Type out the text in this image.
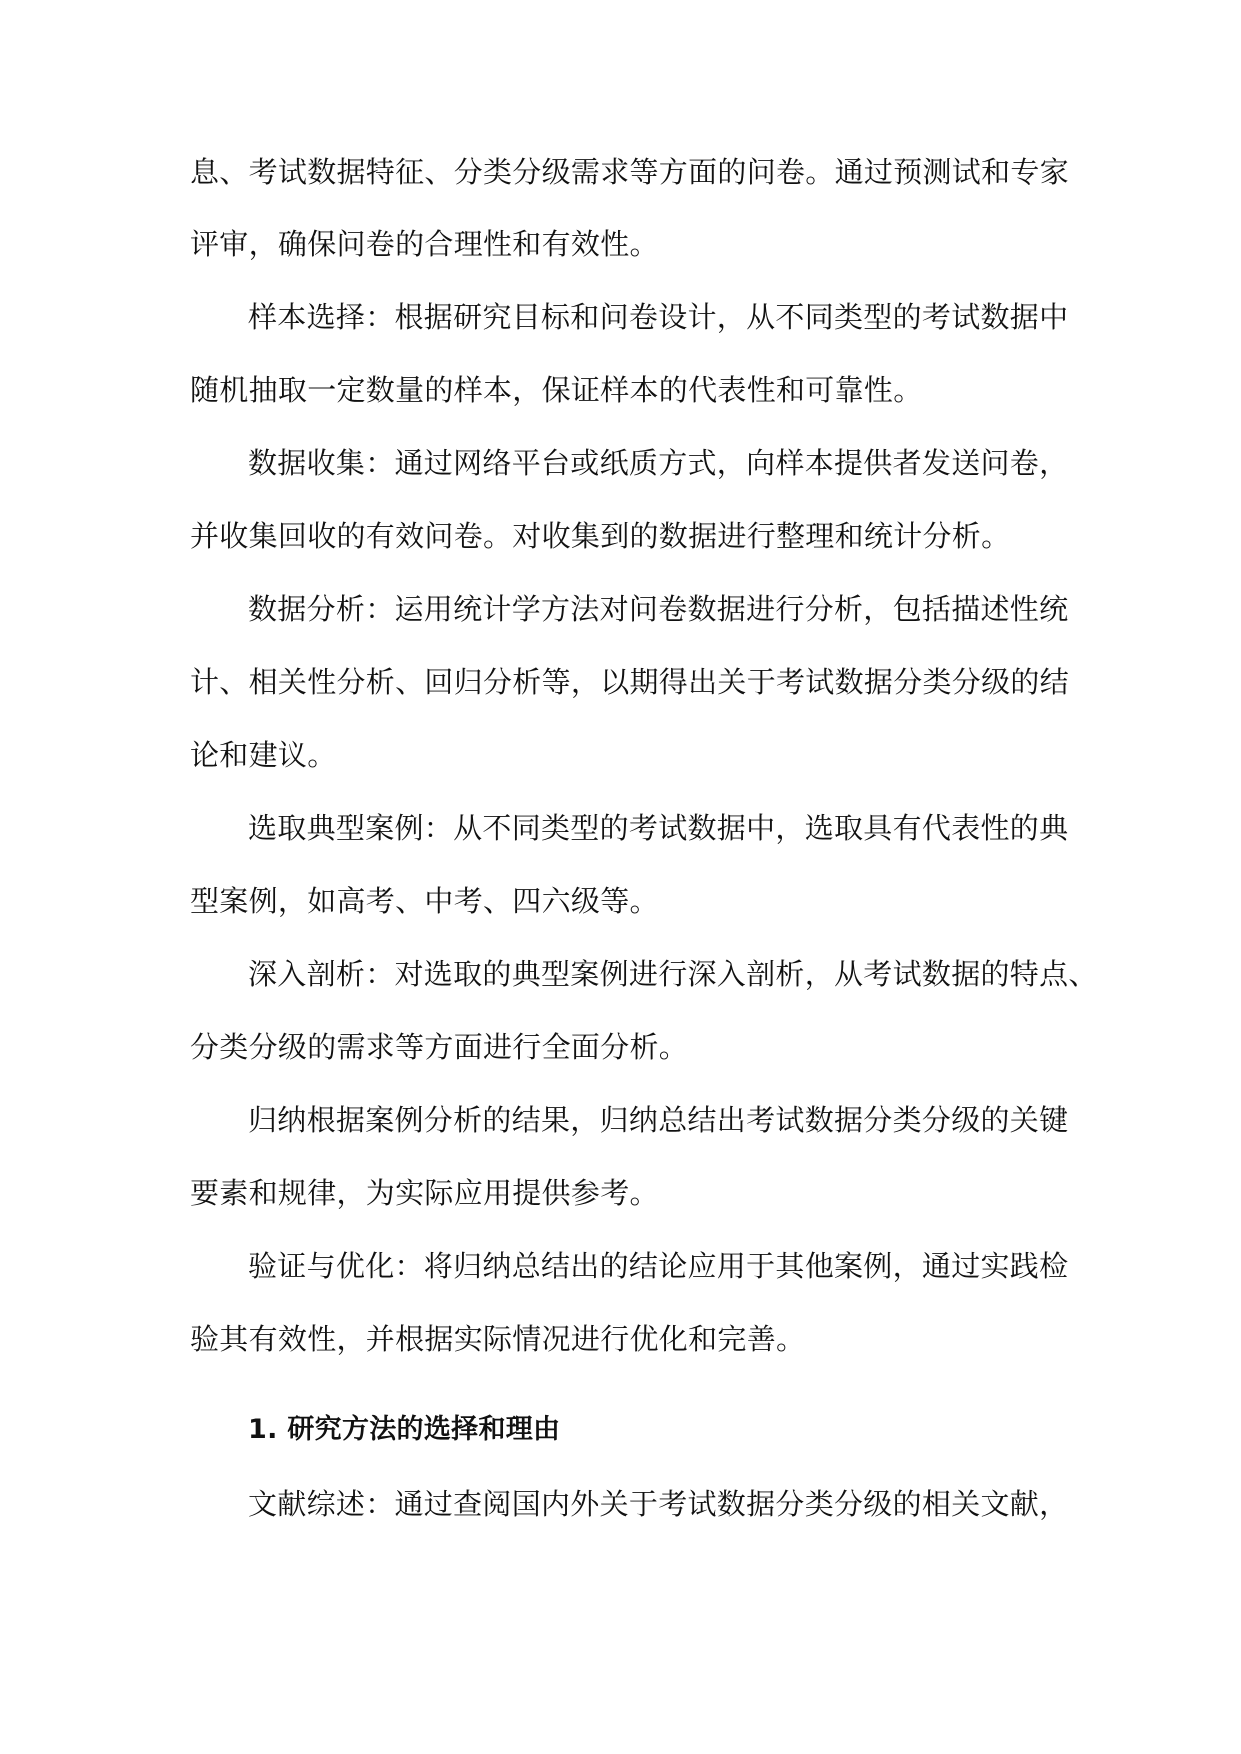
息、考试数据特征、分类分级需求等方面的问卷。通过预测试和专家

评审，确保问卷的合理性和有效性。

样本选择：根据研究目标和问卷设计，从不同类型的考试数据中

随机抽取一定数量的样本，保证样本的代表性和可靠性。

数据收集：通过网络平台或纸质方式，向样本提供者发送问卷，

并收集回收的有效问卷。对收集到的数据进行整理和统计分析。

数据分析：运用统计学方法对问卷数据进行分析，包括描述性统

计、相关性分析、回归分析等，以期得出关于考试数据分类分级的结

论和建议。

选取典型案例：从不同类型的考试数据中，选取具有代表性的典

型案例，如高考、中考、四六级等。

深入剖析：对选取的典型案例进行深入剖析，从考试数据的特点、

分类分级的需求等方面进行全面分析。

归纳根据案例分析的结果，归纳总结出考试数据分类分级的关键

要素和规律，为实际应用提供参考。

验证与优化：将归纳总结出的结论应用于其他案例，通过实践检

验其有效性，并根据实际情况进行优化和完善。

1. 研究方法的选择和理由

文献综述：通过查阅国内外关于考试数据分类分级的相关文献，
